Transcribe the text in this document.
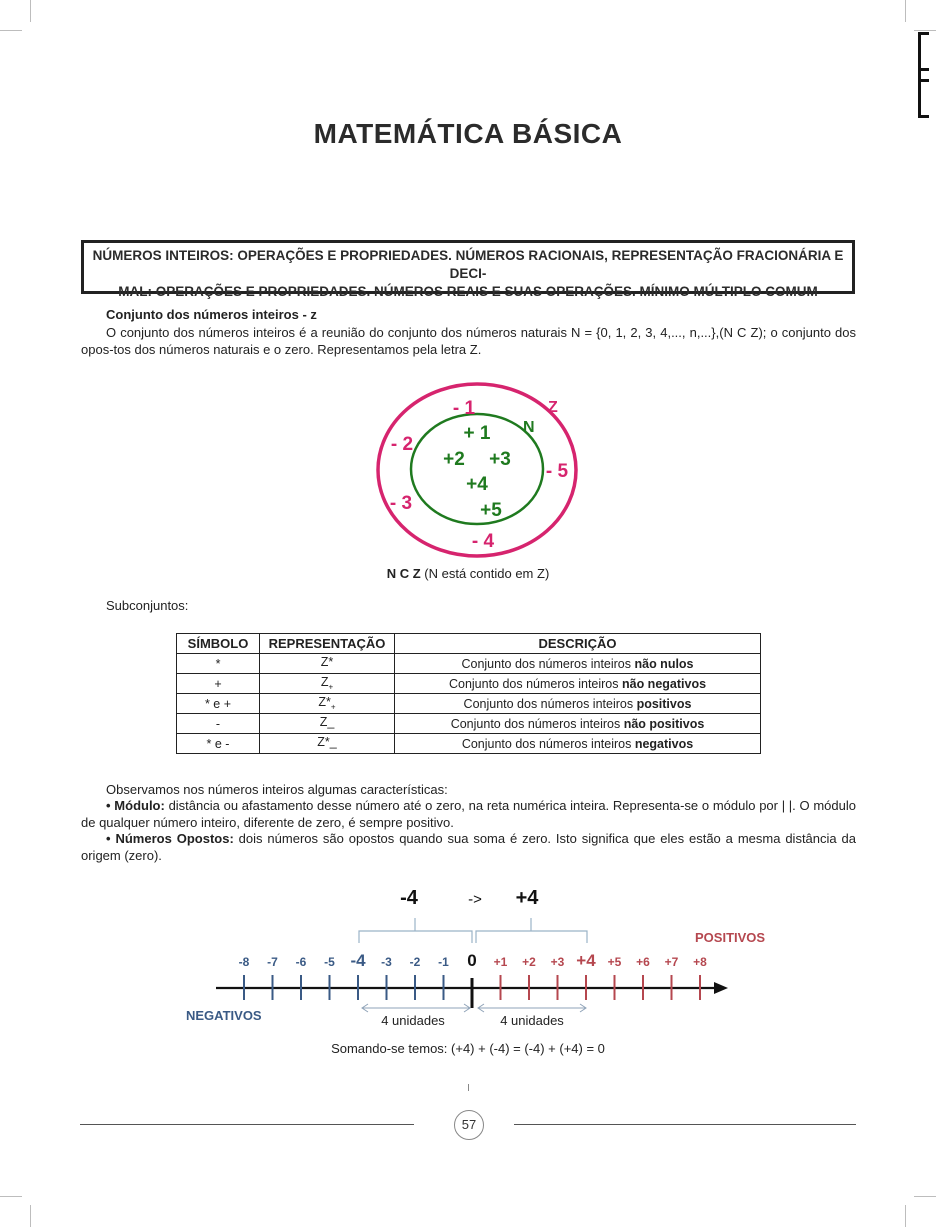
MATEMÁTICA BÁSICA
NÚMEROS INTEIROS: OPERAÇÕES E PROPRIEDADES. NÚMEROS RACIONAIS, REPRESENTAÇÃO FRACIONÁRIA E DECI-
MAL: OPERAÇÕES E PROPRIEDADES. NÚMEROS REAIS E SUAS OPERAÇÕES. MÍNIMO MÚLTIPLO COMUM
Conjunto dos números inteiros - z
O conjunto dos números inteiros é a reunião do conjunto dos números naturais N = {0, 1, 2, 3, 4,..., n,...},(N C Z); o conjunto dos opos-tos dos números naturais e o zero. Representamos pela letra Z.
Z
N
- 1
- 2
- 3
- 4
- 5
+ 1
+2 +3
+4
+5
N C Z (N está contido em Z)
Subconjuntos:
SÍMBOLO	REPRESENTAÇÃO	DESCRIÇÃO
*	Z*	Conjunto dos números inteiros não nulos
+	$Z_+$	Conjunto dos números inteiros não negativos
* e +	$Z*_+$	Conjunto dos números inteiros positivos
-	Z_	Conjunto dos números inteiros não positivos
* e -	Z*_	Conjunto dos números inteiros negativos
Observamos nos números inteiros algumas características:
• Módulo: distância ou afastamento desse número até o zero, na reta numérica inteira. Representa-se o módulo por | |. O módulo de qualquer número inteiro, diferente de zero, é sempre positivo.
• Números Opostos: dois números são opostos quando sua soma é zero. Isto significa que eles estão a mesma distância da origem (zero).
-4	-> +4
POSITIVOS
NEGATIVOS
-8 -7 -6 -5 -4 -3 -2 -1 0 +1 +2 +3 +4 +5 +6 +7 +8
4 unidades	4 unidades
Somando-se temos: (+4) + (-4) = (-4) + (+4) = 0
57
